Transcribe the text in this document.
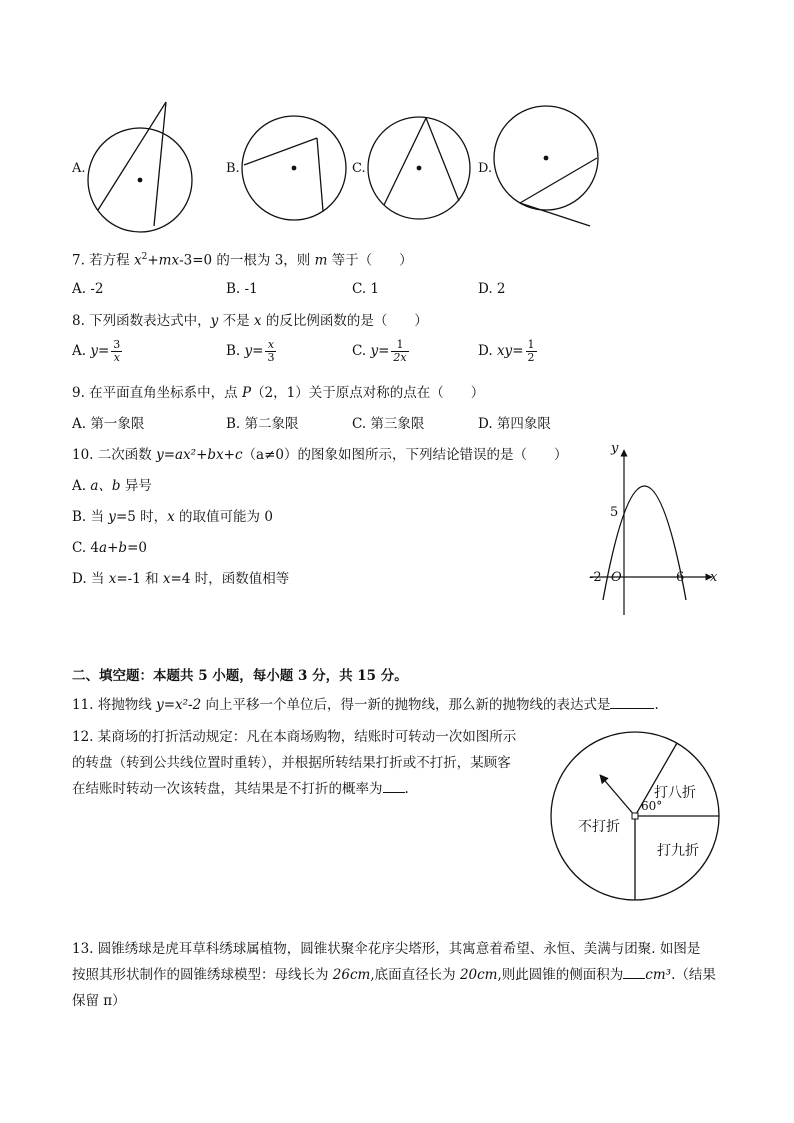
A.	B.	C.	D.
7. 若方程 $x^2+mx-3=0$ 的一根为 3，则 m 等于（　　）
A. -2	B. -1	C. 1	D. 2
8. 下列函数表达式中，y 不是 x 的反比例函数的是（　　）
A. $y= \frac{3}{x}$	B. $y= \frac{x}{3}$	C. $y= \frac{1}{2x}$	D. $xy= \frac{1}{2}$
9. 在平面直角坐标系中，点 P（2，1）关于原点对称的点在（　　）
A. 第一象限	B. 第二象限	C. 第三象限	D. 第四象限
10. 二次函数 y=ax²+bx+c（a≠0）的图象如图所示，下列结论错误的是（　　）
A. a、b 异号
B. 当 y=5 时，x 的取值可能为 0
C. 4a+b=0
D. 当 x=-1 和 x=4 时，函数值相等
y
x
O
5
-2	6
二、填空题：本题共 5 小题，每小题 3 分，共 15 分。
11. 将抛物线 y=x²-2 向上平移一个单位后，得一新的抛物线，那么新的抛物线的表达式是	.
12. 某商场的打折活动规定：凡在本商场购物，结账时可转动一次如图所示
的转盘（转到公共线位置时重转），并根据所转结果打折或不打折，某顾客
在结账时转动一次该转盘，其结果是不打折的概率为 .
不打折
打八折
打九折
60°
13. 圆锥绣球是虎耳草科绣球属植物，圆锥状聚伞花序尖塔形，其寓意着希望、永恒、美满与团聚. 如图是
按照其形状制作的圆锥绣球模型：母线长为 26cm,底面直径长为 20cm,则此圆锥的侧面积为 cm³.（结果
保留 π）
